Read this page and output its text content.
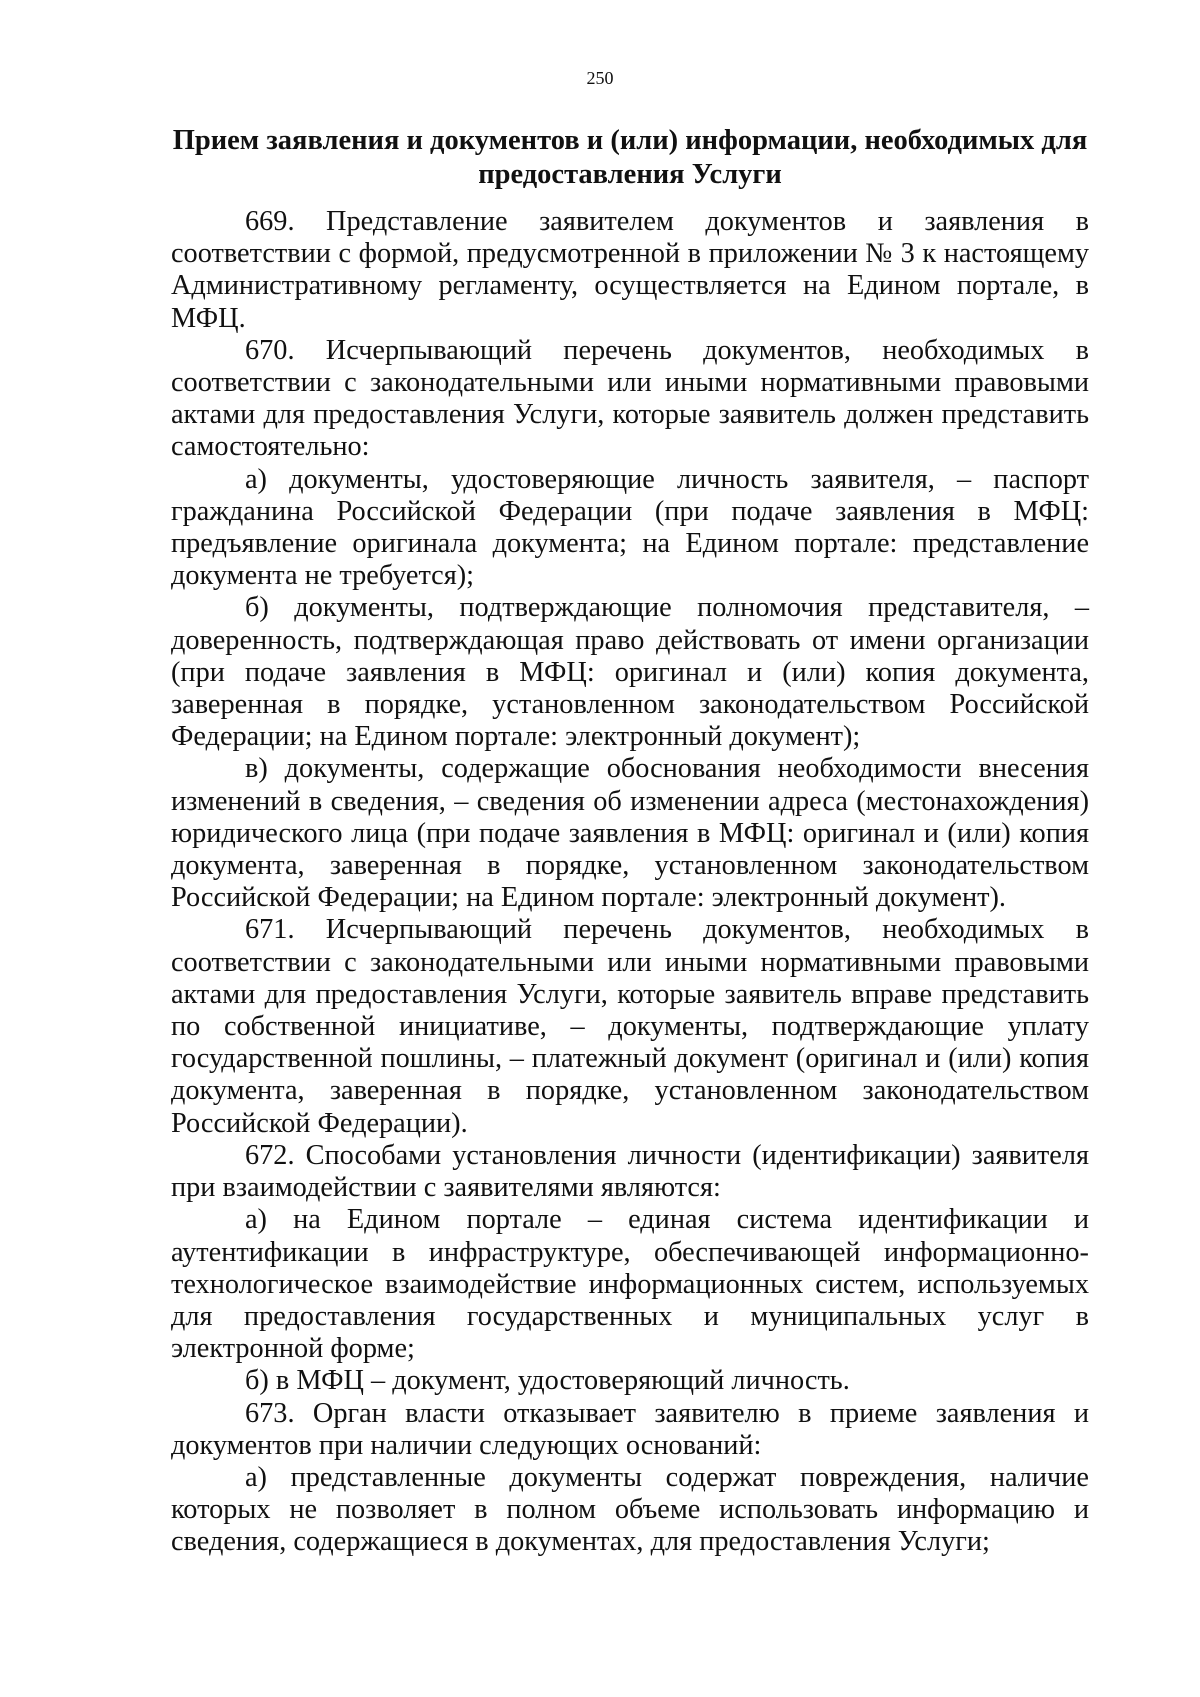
250
Прием заявления и документов и (или) информации, необходимых для предоставления Услуги

669. Представление заявителем документов и заявления в соответствии с формой, предусмотренной в приложении № 3 к настоящему Административному регламенту, осуществляется на Едином портале, в МФЦ.

670. Исчерпывающий перечень документов, необходимых в соответствии с законодательными или иными нормативными правовыми актами для предоставления Услуги, которые заявитель должен представить самостоятельно:

а) документы, удостоверяющие личность заявителя, – паспорт гражданина Российской Федерации (при подаче заявления в МФЦ: предъявление оригинала документа; на Едином портале: представление документа не требуется);

б) документы, подтверждающие полномочия представителя, – доверенность, подтверждающая право действовать от имени организации (при подаче заявления в МФЦ: оригинал и (или) копия документа, заверенная в порядке, установленном законодательством Российской Федерации; на Едином портале: электронный документ);

в) документы, содержащие обоснования необходимости внесения изменений в сведения, – сведения об изменении адреса (местонахождения) юридического лица (при подаче заявления в МФЦ: оригинал и (или) копия документа, заверенная в порядке, установленном законодательством Российской Федерации; на Едином портале: электронный документ).

671. Исчерпывающий перечень документов, необходимых в соответствии с законодательными или иными нормативными правовыми актами для предоставления Услуги, которые заявитель вправе представить по собственной инициативе, – документы, подтверждающие уплату государственной пошлины, – платежный документ (оригинал и (или) копия документа, заверенная в порядке, установленном законодательством Российской Федерации).

672. Способами установления личности (идентификации) заявителя при взаимодействии с заявителями являются:

а) на Едином портале – единая система идентификации и аутентификации в инфраструктуре, обеспечивающей информационно-технологическое взаимодействие информационных систем, используемых для предоставления государственных и муниципальных услуг в электронной форме;

б) в МФЦ – документ, удостоверяющий личность.

673. Орган власти отказывает заявителю в приеме заявления и документов при наличии следующих оснований:

а) представленные документы содержат повреждения, наличие которых не позволяет в полном объеме использовать информацию и сведения, содержащиеся в документах, для предоставления Услуги;
